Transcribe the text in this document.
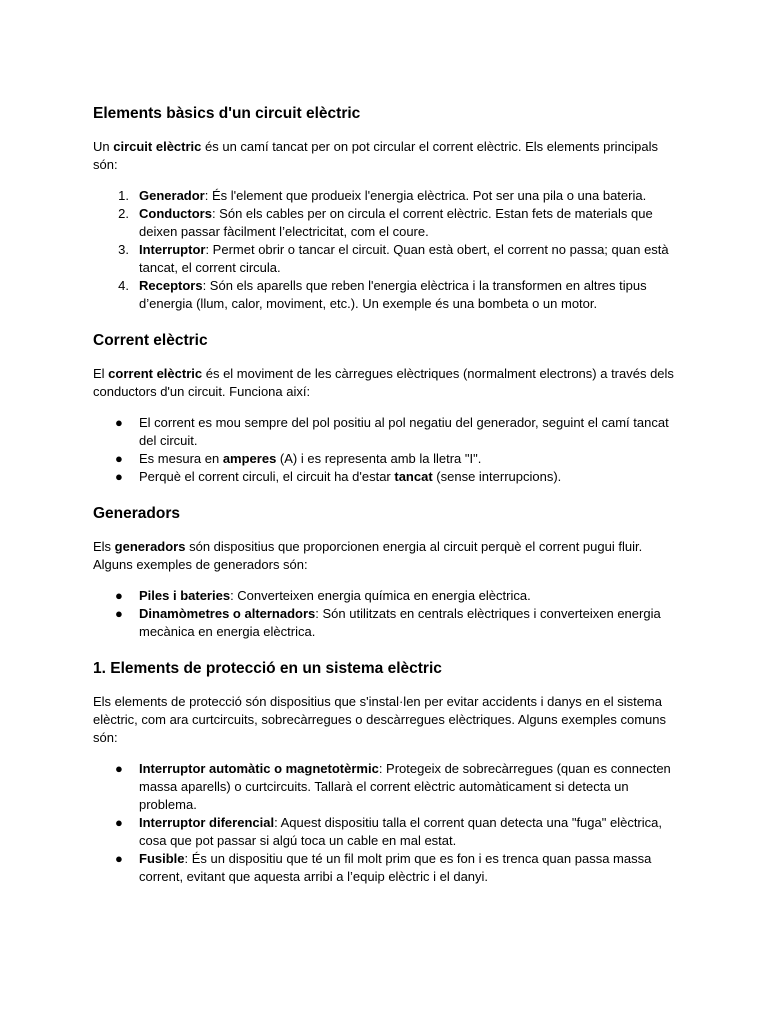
Elements bàsics d'un circuit elèctric

Un circuit elèctric és un camí tancat per on pot circular el corrent elèctric. Els elements principals són:

1. Generador: És l'element que produeix l'energia elèctrica. Pot ser una pila o una bateria.
2. Conductors: Són els cables per on circula el corrent elèctric. Estan fets de materials que deixen passar fàcilment l’electricitat, com el coure.
3. Interruptor: Permet obrir o tancar el circuit. Quan està obert, el corrent no passa; quan està tancat, el corrent circula.
4. Receptors: Són els aparells que reben l'energia elèctrica i la transformen en altres tipus d’energia (llum, calor, moviment, etc.). Un exemple és una bombeta o un motor.
Corrent elèctric

El corrent elèctric és el moviment de les càrregues elèctriques (normalment electrons) a través dels conductors d'un circuit. Funciona així:

● El corrent es mou sempre del pol positiu al pol negatiu del generador, seguint el camí tancat del circuit.
● Es mesura en amperes (A) i es representa amb la lletra "I".
● Perquè el corrent circuli, el circuit ha d'estar tancat (sense interrupcions).
Generadors

Els generadors són dispositius que proporcionen energia al circuit perquè el corrent pugui fluir. Alguns exemples de generadors són:

● Piles i bateries: Converteixen energia química en energia elèctrica.
● Dinamòmetres o alternadors: Són utilitzats en centrals elèctriques i converteixen energia mecànica en energia elèctrica.
1. Elements de protecció en un sistema elèctric

Els elements de protecció són dispositius que s'instal·len per evitar accidents i danys en el sistema elèctric, com ara curtcircuits, sobrecàrregues o descàrregues elèctriques. Alguns exemples comuns són:

● Interruptor automàtic o magnetotèrmic: Protegeix de sobrecàrregues (quan es connecten massa aparells) o curtcircuits. Tallarà el corrent elèctric automàticament si detecta un problema.
● Interruptor diferencial: Aquest dispositiu talla el corrent quan detecta una "fuga" elèctrica, cosa que pot passar si algú toca un cable en mal estat.
● Fusible: És un dispositiu que té un fil molt prim que es fon i es trenca quan passa massa corrent, evitant que aquesta arribi a l’equip elèctric i el danyi.
